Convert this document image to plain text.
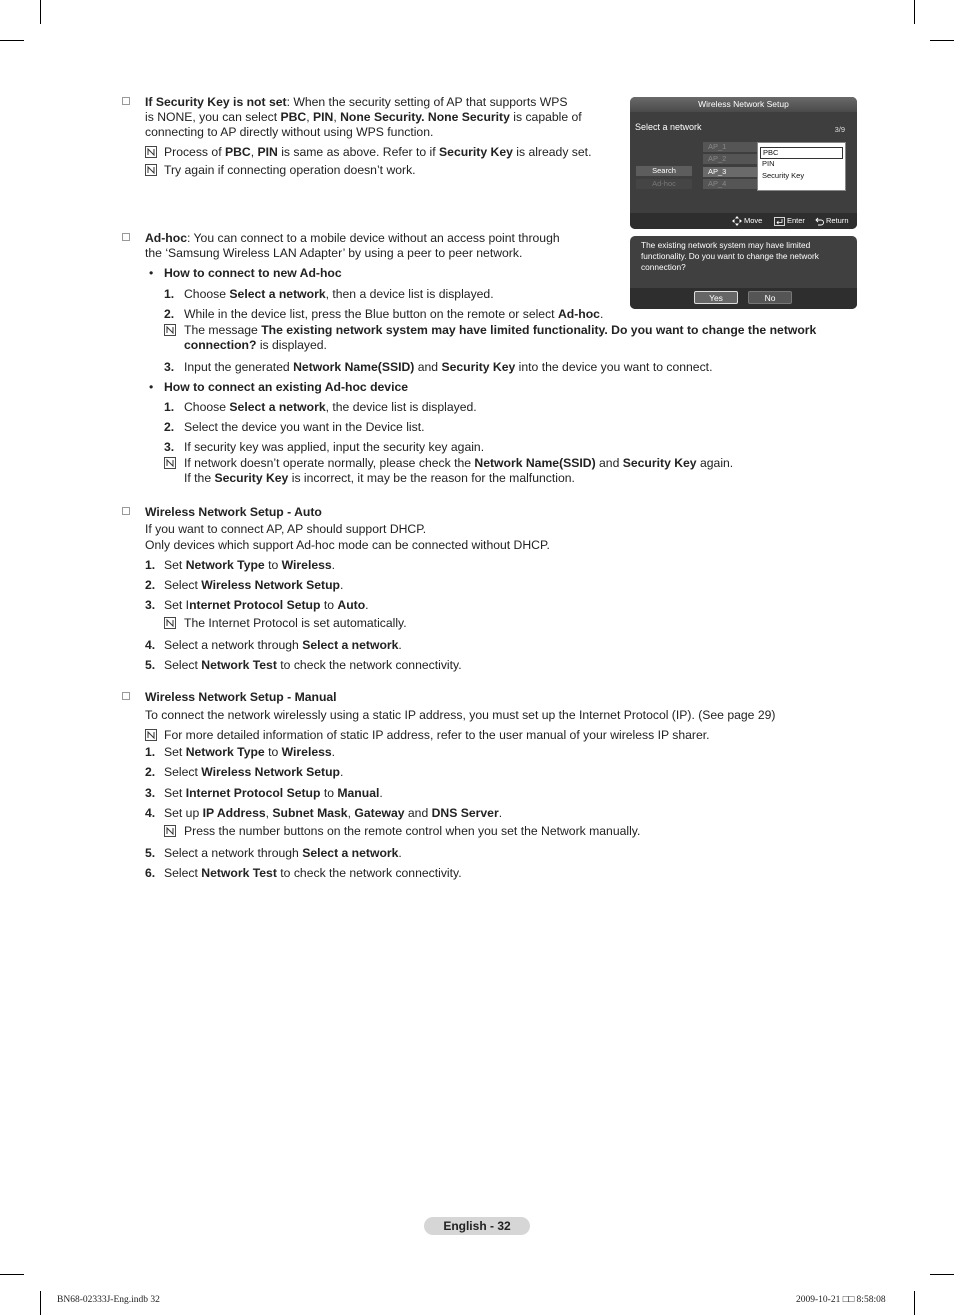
If Security Key is not set: When the security setting of AP that supports WPS
is NONE, you can select PBC, PIN, None Security. None Security is capable of
connecting to AP directly without using WPS function.
Process of PBC, PIN is same as above. Refer to if Security Key is already set.
Try again if connecting operation doesn’t work.
Wireless Network Setup
Select a network	3/9
Search
Ad-hoc
AP_1
AP_2
AP_3
AP_4
PBC
PIN
Security Key
Move	Enter	Return
The existing network system may have limited functionality. Do you want to change the network connection?
Yes	No
Ad-hoc: You can connect to a mobile device without an access point through
the ‘Samsung Wireless LAN Adapter’ by using a peer to peer network.
• How to connect to new Ad-hoc
1. Choose Select a network, then a device list is displayed.
2. While in the device list, press the Blue button on the remote or select Ad-hoc.
The message The existing network system may have limited functionality. Do you want to change the network
connection? is displayed.
3. Input the generated Network Name(SSID) and Security Key into the device you want to connect.
• How to connect an existing Ad-hoc device
1. Choose Select a network, the device list is displayed.
2. Select the device you want in the Device list.
3. If security key was applied, input the security key again.
If network doesn’t operate normally, please check the Network Name(SSID) and Security Key again.
If the Security Key is incorrect, it may be the reason for the malfunction.
Wireless Network Setup - Auto
If you want to connect AP, AP should support DHCP.
Only devices which support Ad-hoc mode can be connected without DHCP.
1. Set Network Type to Wireless.
2. Select Wireless Network Setup.
3. Set Internet Protocol Setup to Auto.
The Internet Protocol is set automatically.
4. Select a network through Select a network.
5. Select Network Test to check the network connectivity.
Wireless Network Setup - Manual
To connect the network wirelessly using a static IP address, you must set up the Internet Protocol (IP). (See page 29)
For more detailed information of static IP address, refer to the user manual of your wireless IP sharer.
1. Set Network Type to Wireless.
2. Select Wireless Network Setup.
3. Set Internet Protocol Setup to Manual.
4. Set up IP Address, Subnet Mask, Gateway and DNS Server.
Press the number buttons on the remote control when you set the Network manually.
5. Select a network through Select a network.
6. Select Network Test to check the network connectivity.
English - 32
BN68-02333J-Eng.indb 32	2009-10-21 □□ 8:58:08
